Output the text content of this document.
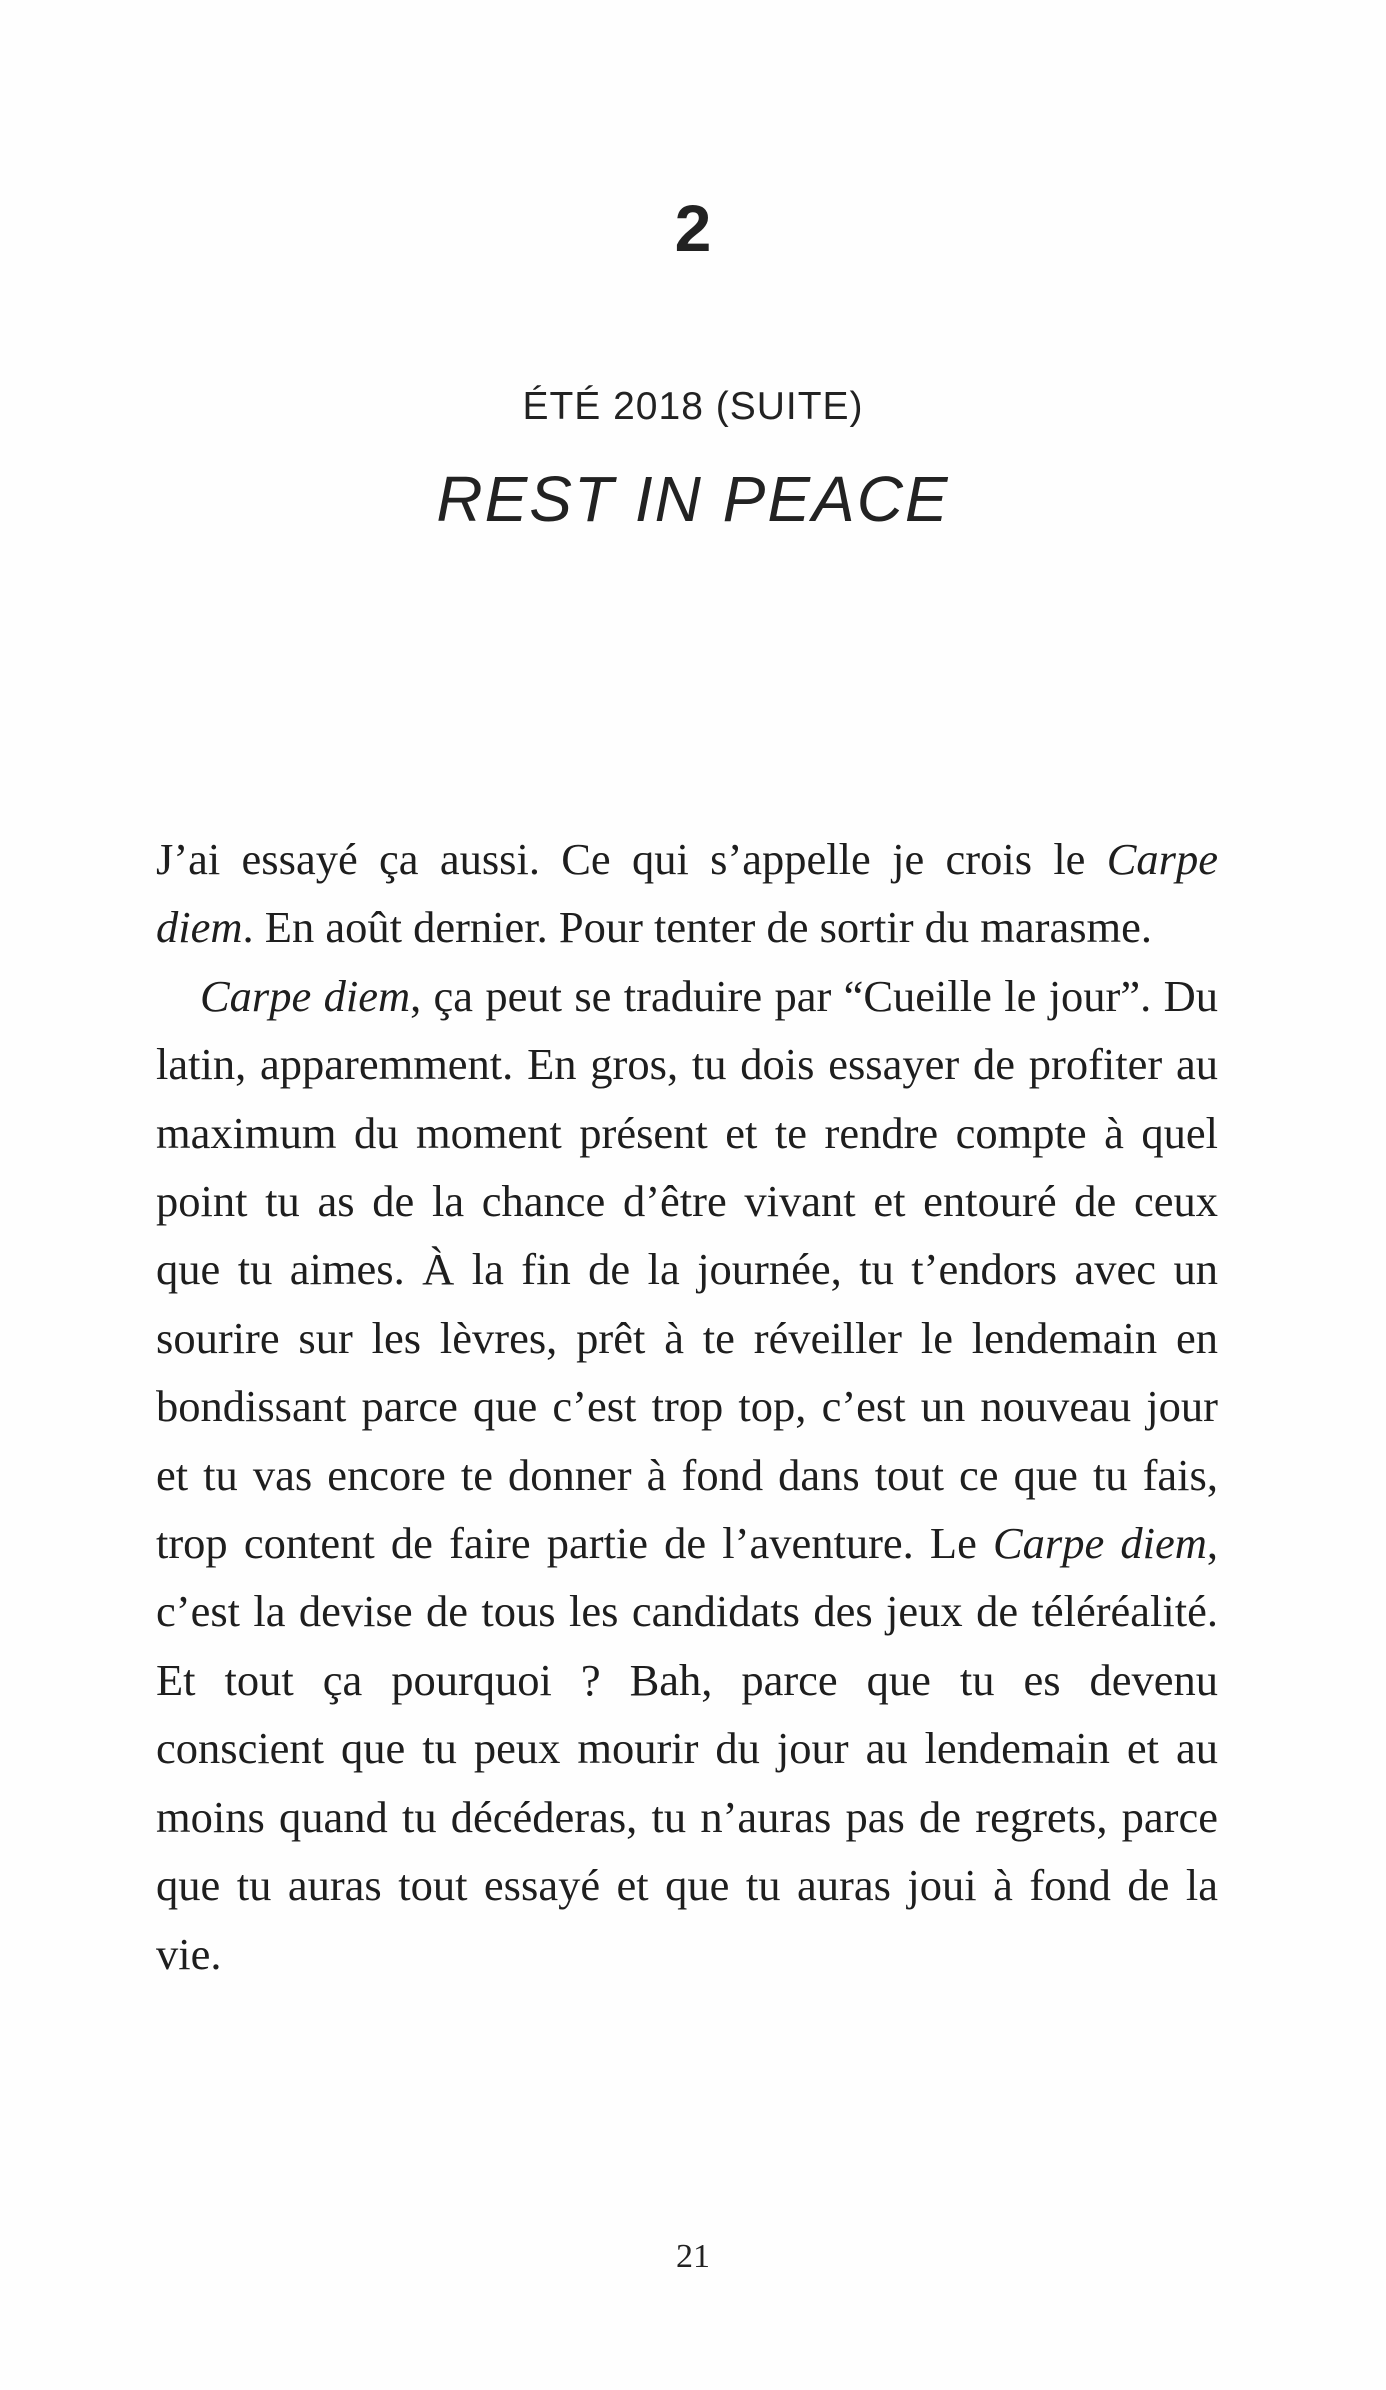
2
ÉTÉ 2018 (SUITE)
REST IN PEACE

J’ai essayé ça aussi. Ce qui s’appelle je crois le Carpe diem. En août dernier. Pour tenter de sortir du marasme.

Carpe diem, ça peut se traduire par “Cueille le jour”. Du latin, apparemment. En gros, tu dois essayer de profiter au maximum du moment présent et te rendre compte à quel point tu as de la chance d’être vivant et entouré de ceux que tu aimes. À la fin de la journée, tu t’endors avec un sourire sur les lèvres, prêt à te réveiller le lendemain en bondissant parce que c’est trop top, c’est un nouveau jour et tu vas encore te donner à fond dans tout ce que tu fais, trop content de faire partie de l’aventure. Le Carpe diem, c’est la devise de tous les candidats des jeux de téléréalité. Et tout ça pourquoi ? Bah, parce que tu es devenu conscient que tu peux mourir du jour au lendemain et au moins quand tu décéderas, tu n’auras pas de regrets, parce que tu auras tout essayé et que tu auras joui à fond de la vie.

21
